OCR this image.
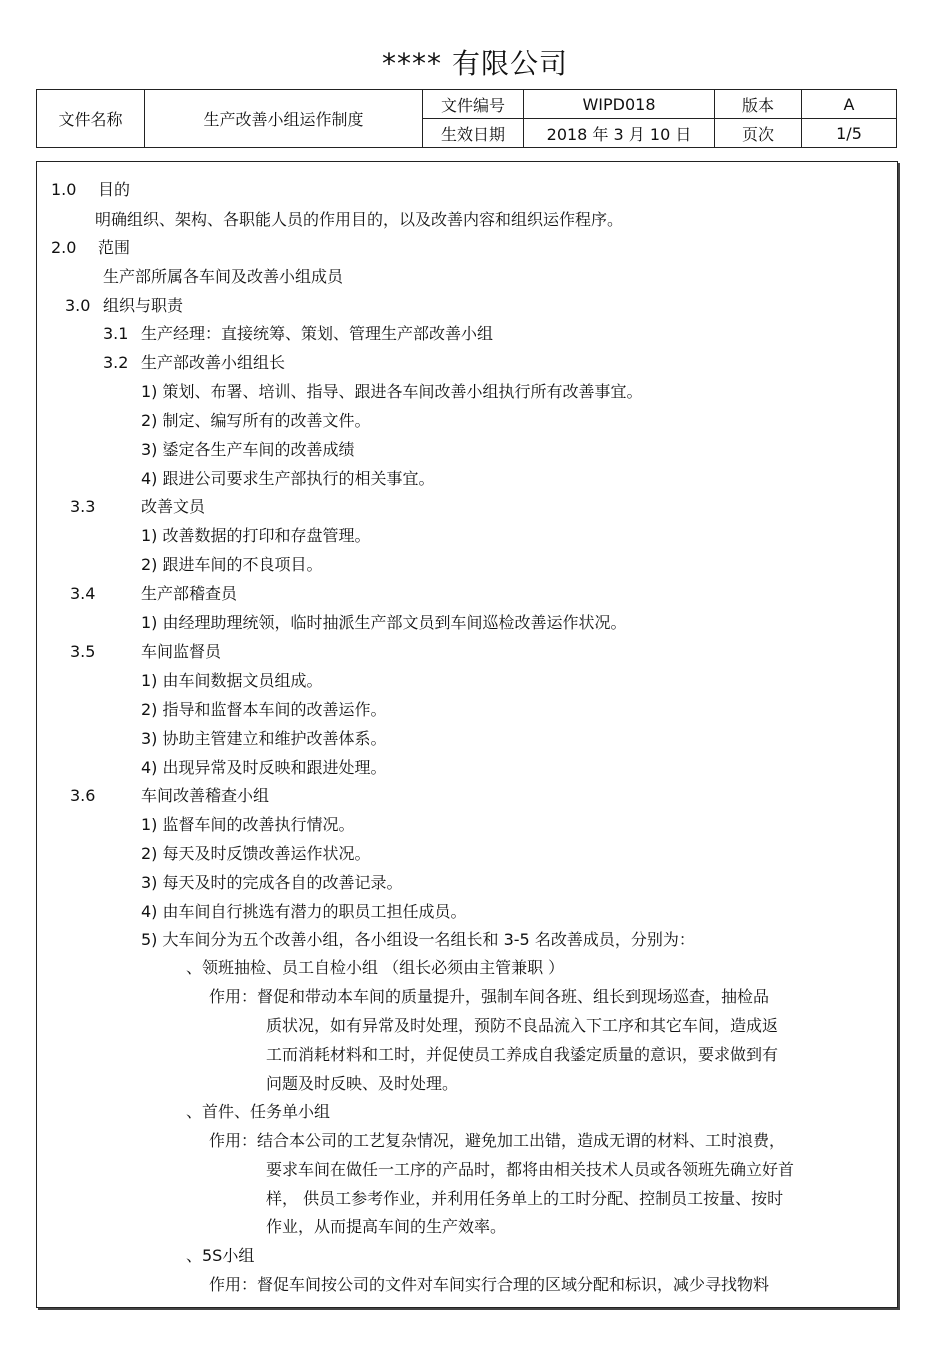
**** 有限公司
文件名称	生产改善小组运作制度	文件编号	WIPD018	版本	A
		生效日期	2018 年 3 月 10 日	页次	1/5
1.0 目的
明确组织、架构、各职能人员的作用目的，以及改善内容和组织运作程序。
2.0 范围
生产部所属各车间及改善小组成员
3.0 组织与职责
3.1 生产经理：直接统筹、策划、管理生产部改善小组
3.2 生产部改善小组组长
1) 策划、布署、培训、指导、跟进各车间改善小组执行所有改善事宜。
2) 制定、编写所有的改善文件。
3) 鋈定各生产车间的改善成绩
4) 跟进公司要求生产部执行的相关事宜。
3.3	改善文员
1) 改善数据的打印和存盘管理。
2) 跟进车间的不良项目。
3.4	生产部稽查员
1) 由经理助理统领，临时抽派生产部文员到车间巡检改善运作状况。
3.5	车间监督员
1) 由车间数据文员组成。
2) 指导和监督本车间的改善运作。
3) 协助主管建立和维护改善体系。
4) 出现异常及时反映和跟进处理。
3.6	车间改善稽查小组
1) 监督车间的改善执行情况。
2) 每天及时反馈改善运作状况。
3) 每天及时的完成各自的改善记录。
4) 由车间自行挑选有潜力的职员工担任成员。
5) 大车间分为五个改善小组，各小组设一名组长和 3-5 名改善成员，分别为：
、领班抽检、员工自检小组 （组长必须由主管兼职 ）
作用：督促和带动本车间的质量提升，强制车间各班、组长到现场巡查，抽检品
质状况，如有异常及时处理，预防不良品流入下工序和其它车间，造成返
工而消耗材料和工时，并促使员工养成自我鋈定质量的意识，要求做到有
问题及时反映、及时处理。
、首件、任务单小组
作用：结合本公司的工艺复杂情况，避免加工出错，造成无谓的材料、工时浪费，
要求车间在做任一工序的产品时，都将由相关技术人员或各领班先确立好首
样， 供员工参考作业，并利用任务单上的工时分配、控制员工按量、按时
作业，从而提高车间的生产效率。
、5S小组
作用：督促车间按公司的文件对车间实行合理的区域分配和标识，减少寻找物料
